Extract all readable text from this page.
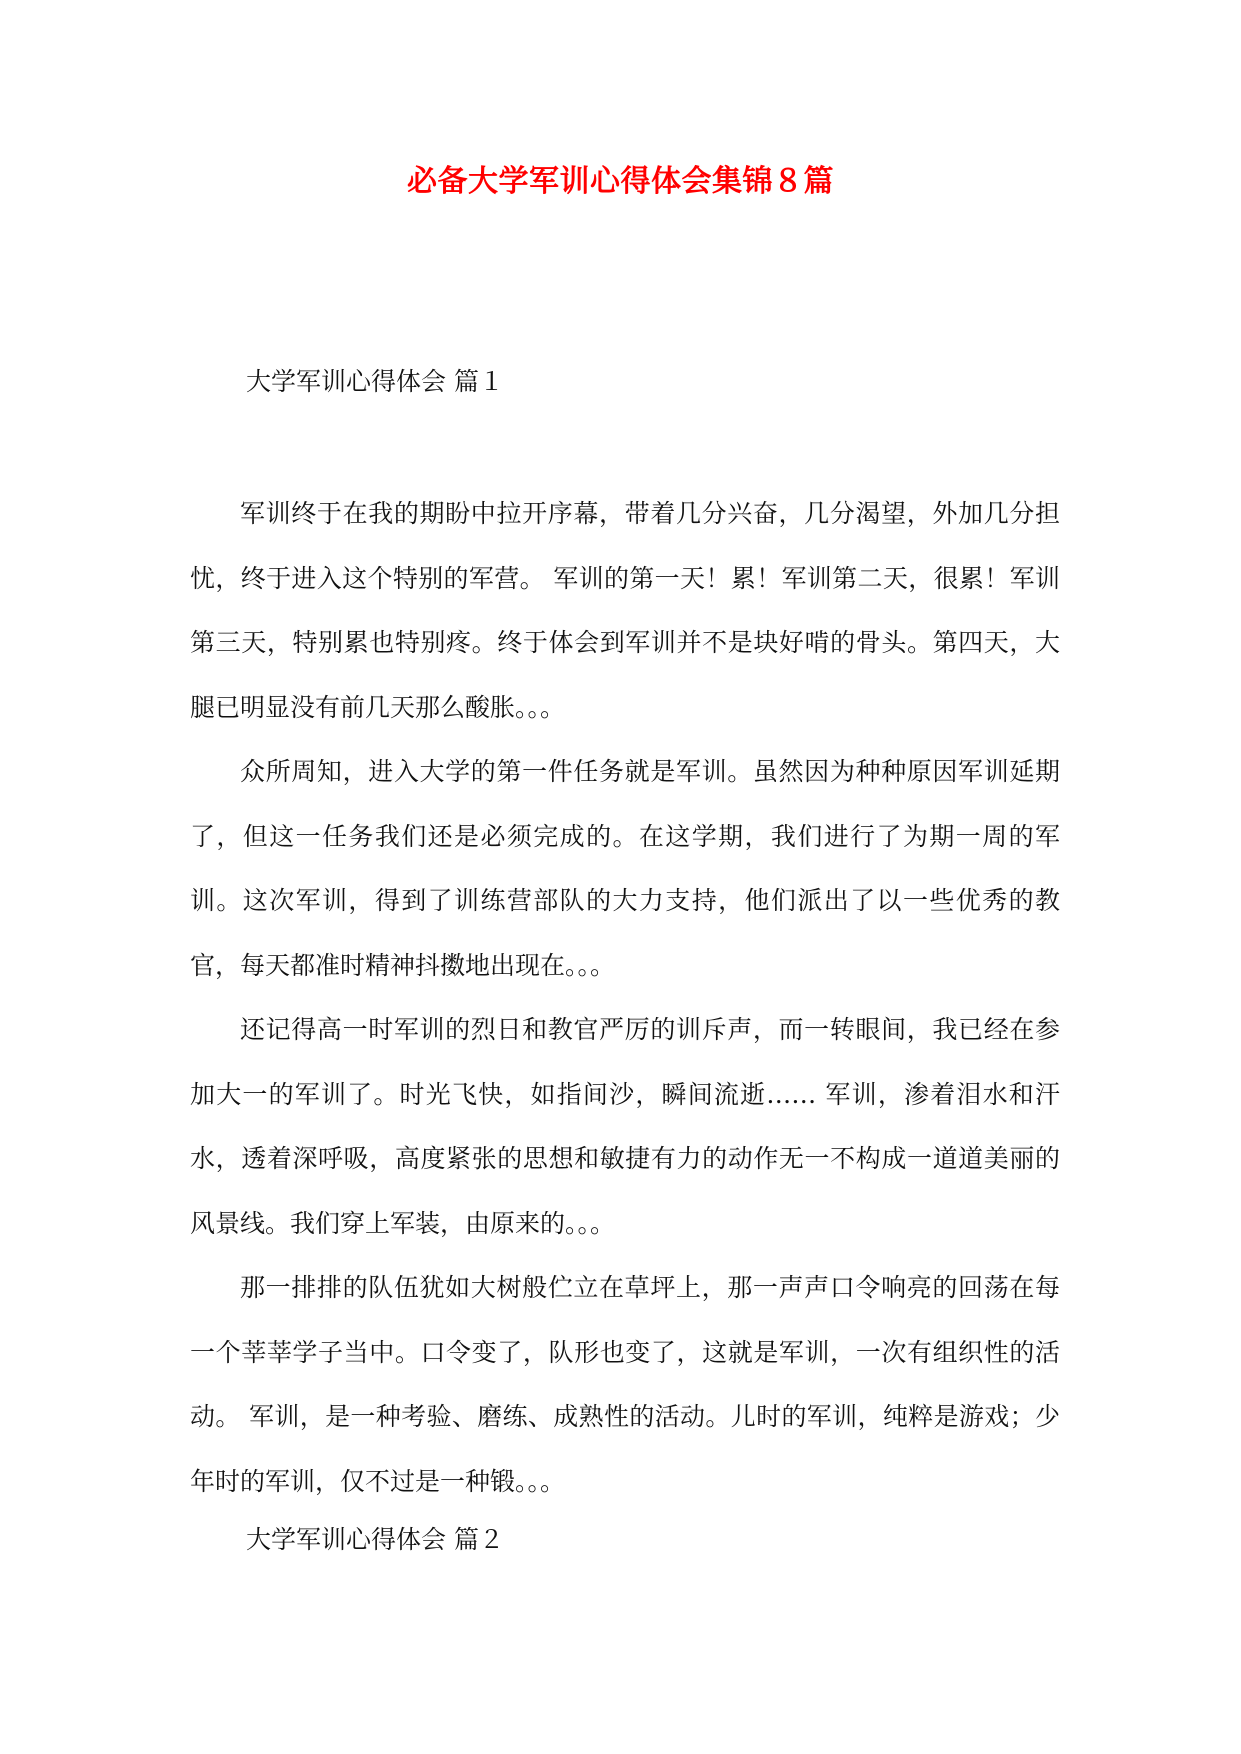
必备大学军训心得体会集锦８篇
大学军训心得体会 篇１

军训终于在我的期盼中拉开序幕，带着几分兴奋，几分渴望，外加几分担忧，终于进入这个特别的军营。 军训的第一天！累！军训第二天，很累！军训第三天，特别累也特别疼。终于体会到军训并不是块好啃的骨头。第四天，大腿已明显没有前几天那么酸胀。。。

众所周知，进入大学的第一件任务就是军训。虽然因为种种原因军训延期了，但这一任务我们还是必须完成的。在这学期，我们进行了为期一周的军训。这次军训，得到了训练营部队的大力支持，他们派出了以一些优秀的教官，每天都准时精神抖擞地出现在。。。

还记得高一时军训的烈日和教官严厉的训斥声，而一转眼间，我已经在参加大一的军训了。时光飞快，如指间沙，瞬间流逝…… 军训，渗着泪水和汗水，透着深呼吸，高度紧张的思想和敏捷有力的动作无一不构成一道道美丽的风景线。我们穿上军装，由原来的。。。

那一排排的队伍犹如大树般伫立在草坪上，那一声声口令响亮的回荡在每一个莘莘学子当中。口令变了，队形也变了，这就是军训，一次有组织性的活动。 军训，是一种考验、磨练、成熟性的活动。儿时的军训，纯粹是游戏；少年时的军训，仅不过是一种锻。。。

大学军训心得体会 篇２
